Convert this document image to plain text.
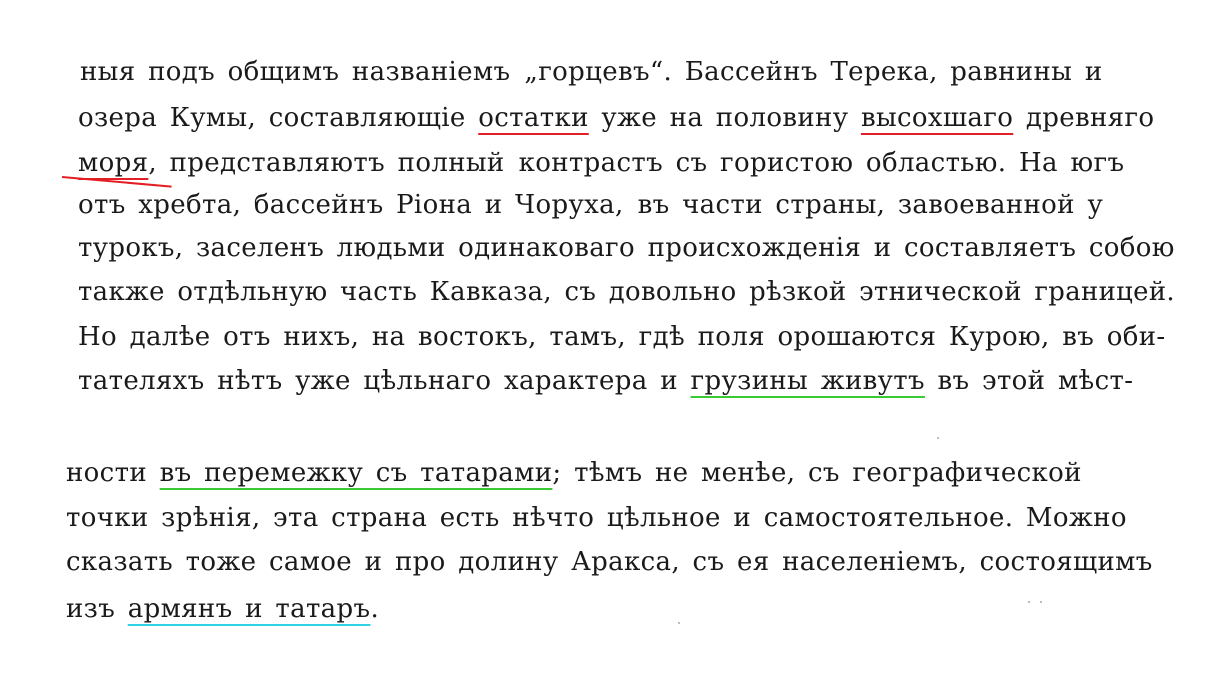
ныя подъ общимъ названіемъ „горцевъ“. Бассейнъ Терека, равнины и
озера Кумы, составляющіе остатки уже на половину высохшаго древняго
моря, представляютъ полный контрастъ съ гористою областью. На югъ
отъ хребта, бассейнъ Ріона и Чоруха, въ части страны, завоеванной у
турокъ, заселенъ людьми одинаковаго происхожденія и составляетъ собою
также отдѣльную часть Кавказа, съ довольно рѣзкой этнической границей.
Но далѣе отъ нихъ, на востокъ, тамъ, гдѣ поля орошаются Курою, въ оби-
тателяхъ нѣтъ уже цѣльнаго характера и грузины живутъ въ этой мѣст-
ности въ перемежку съ татарами; тѣмъ не менѣе, съ географической
точки зрѣнія, эта страна есть нѣчто цѣльное и самостоятельное. Можно
сказать тоже самое и про долину Аракса, съ ея населеніемъ, состоящимъ
изъ армянъ и татаръ.
